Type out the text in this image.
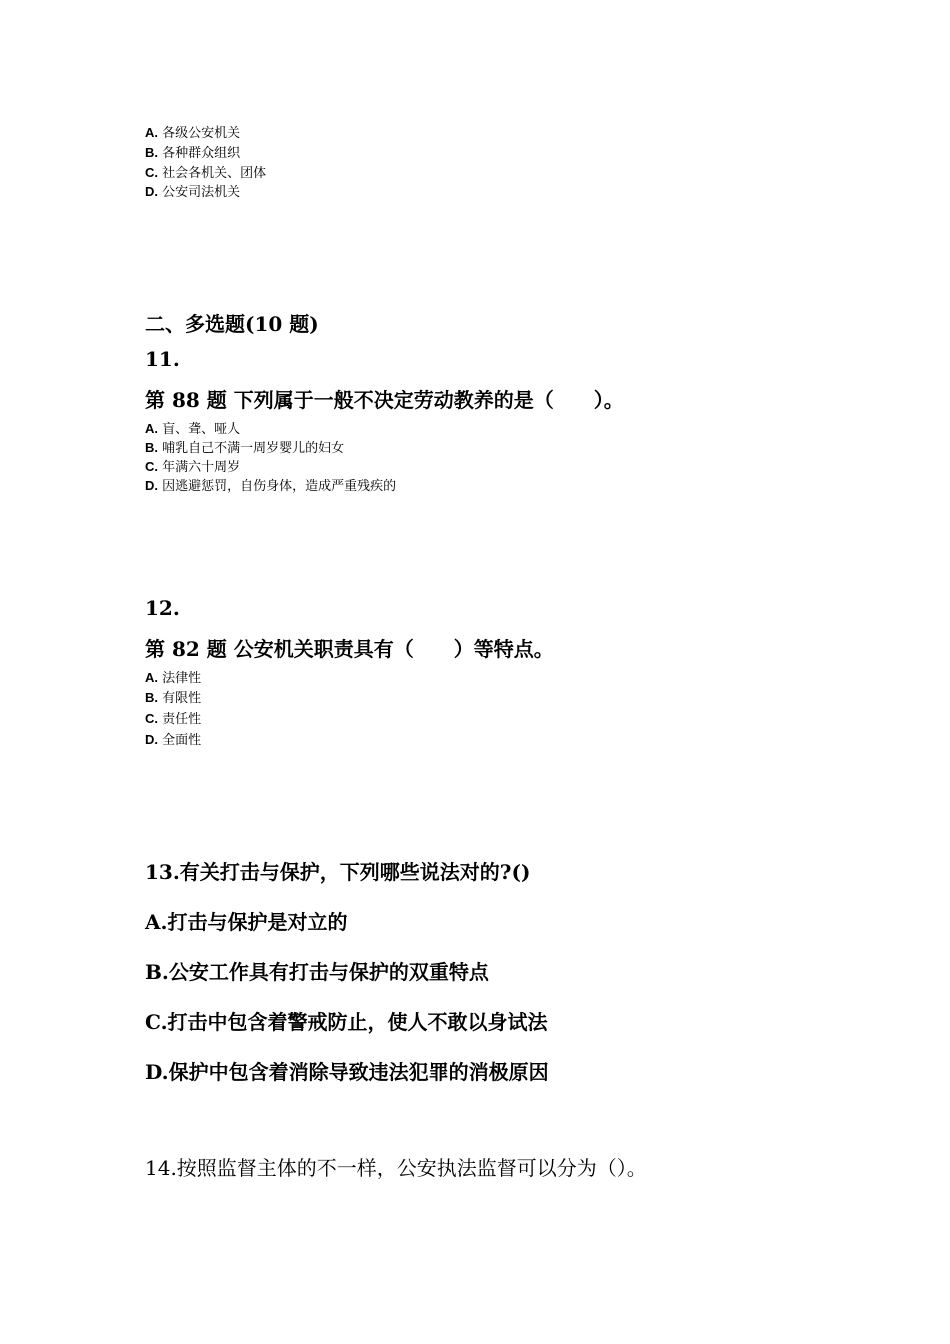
A. 各级公安机关
B. 各种群众组织
C. 社会各机关、团体
D. 公安司法机关
二、多选题(10 题)
11.
第 88 题 下列属于一般不决定劳动教养的是（　　）。
A. 盲、聋、哑人
B. 哺乳自己不满一周岁婴儿的妇女
C. 年满六十周岁
D. 因逃避惩罚，自伤身体，造成严重残疾的
12.
第 82 题 公安机关职责具有（　　）等特点。
A. 法律性
B. 有限性
C. 责任性
D. 全面性
13.有关打击与保护，下列哪些说法对的?()
A.打击与保护是对立的
B.公安工作具有打击与保护的双重特点
C.打击中包含着警戒防止，使人不敢以身试法
D.保护中包含着消除导致违法犯罪的消极原因
14.按照监督主体的不一样，公安执法监督可以分为（）。
